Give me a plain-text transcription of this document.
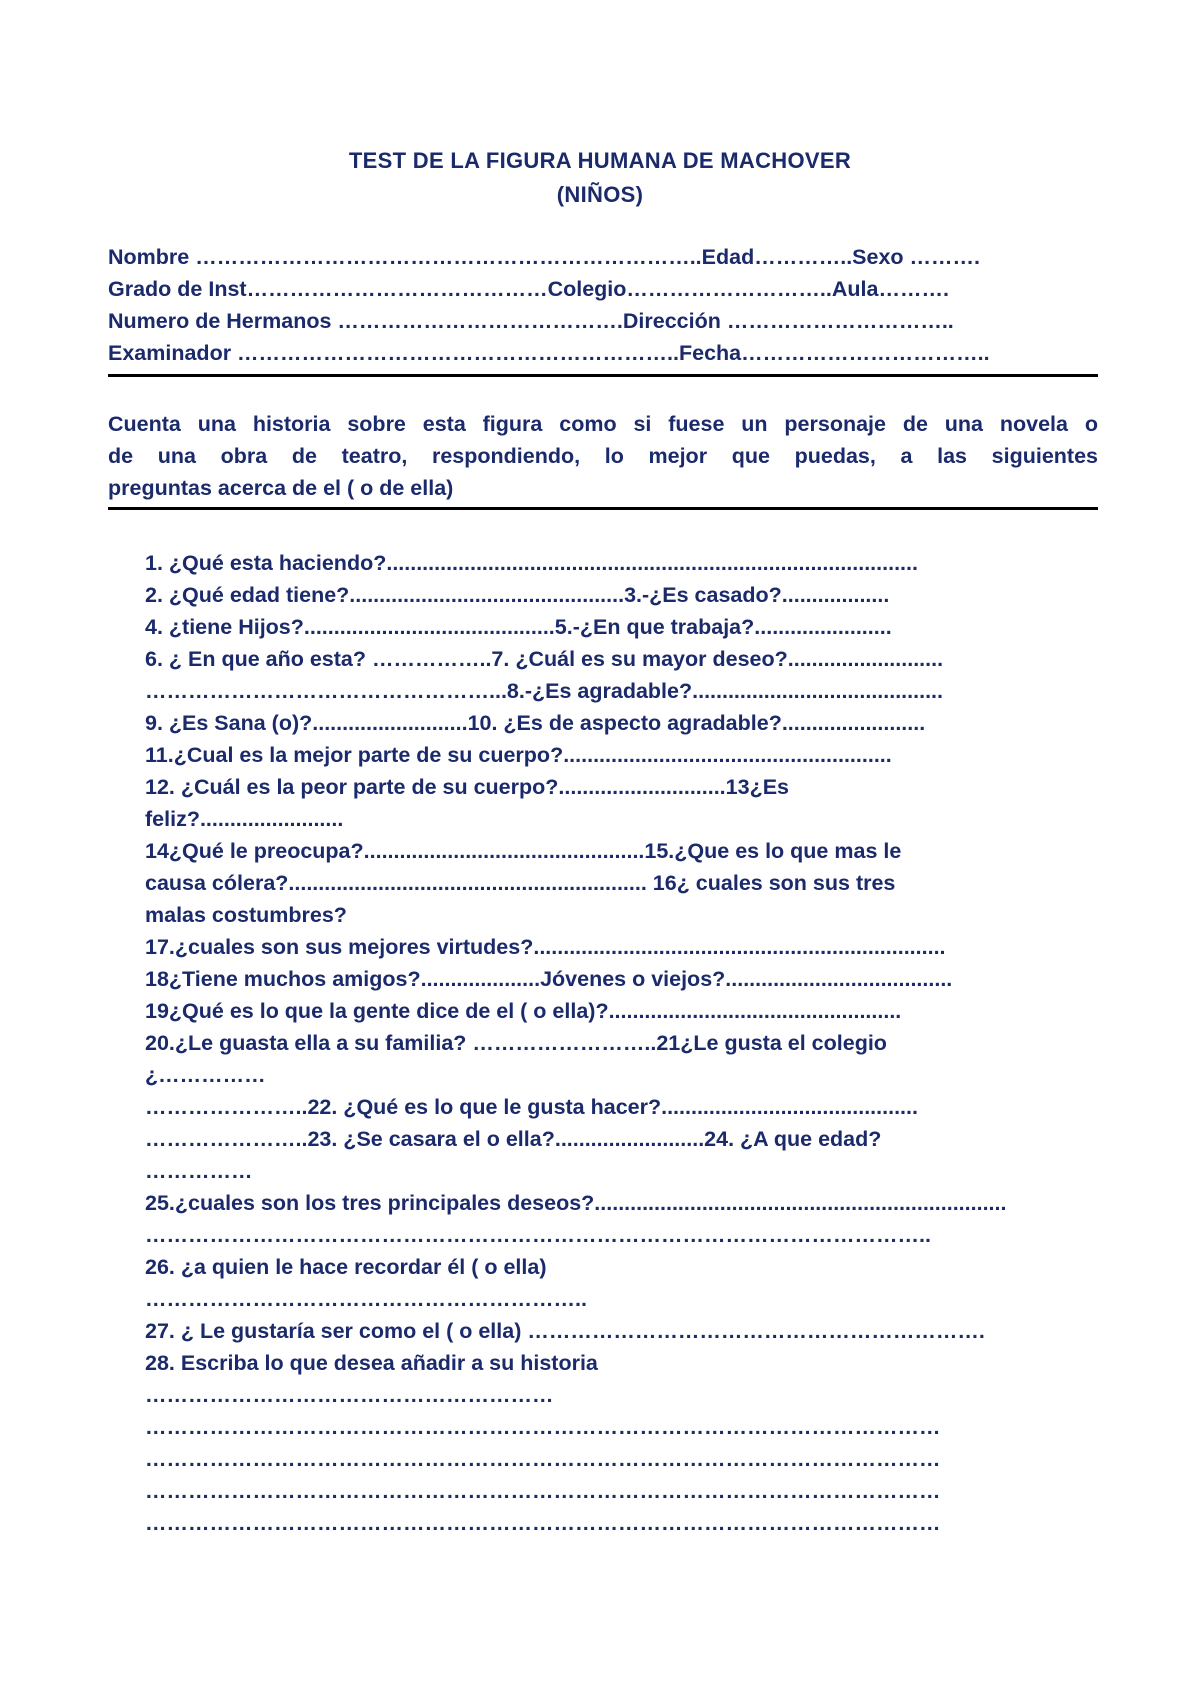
TEST DE LA FIGURA HUMANA DE MACHOVER
(NIÑOS)
Nombre ……………………………………………………………..Edad…………..Sexo ……….
Grado de Inst……………………………………Colegio………………………..Aula……….
Numero de Hermanos ………………………………….Dirección …………………………..
Examinador ……………………………………………………..Fecha……………………………..
Cuenta una historia sobre esta figura como si fuese un personaje de una novela o
de una obra de teatro, respondiendo, lo mejor que puedas, a las siguientes
preguntas acerca de el ( o de ella)
1. ¿Qué esta haciendo?.........................................................................................
2. ¿Qué edad tiene?..............................................3.-¿Es casado?..................
4. ¿tiene Hijos?..........................................5.-¿En que trabaja?.......................
6. ¿ En que año esta? ……………..7. ¿Cuál es su mayor deseo?..........................
…………………………………………...8.-¿Es agradable?..........................................
9. ¿Es Sana (o)?..........................10. ¿Es de aspecto agradable?........................
11.¿Cual es la mejor parte de su cuerpo?.......................................................
12. ¿Cuál es la peor parte de su cuerpo?............................13¿Es
feliz?........................
14¿Qué le preocupa?...............................................15.¿Que es lo que mas le
causa cólera?............................................................ 16¿ cuales son sus tres
malas costumbres?
17.¿cuales son sus mejores virtudes?.....................................................................
18¿Tiene muchos amigos?....................Jóvenes o viejos?......................................
19¿Qué es lo que la gente dice de el ( o ella)?.................................................
20.¿Le guasta ella a su familia? ……………………..21¿Le gusta el colegio
¿……………
…………………..22. ¿Qué es lo que le gusta hacer?...........................................
…………………..23. ¿Se casara el o ella?.........................24. ¿A que edad?
……………
25.¿cuales son los tres principales deseos?.....................................................................
………………………………………………………………………………………………..
26. ¿a quien le hace recordar él ( o ella)
……………………………………………………..
27. ¿ Le gustaría ser como el ( o ella) ……………………………………………………….
28. Escriba lo que desea añadir a su historia
…………………………………………………
…………………………………………………………………………………………………
…………………………………………………………………………………………………
…………………………………………………………………………………………………
…………………………………………………………………………………………………
